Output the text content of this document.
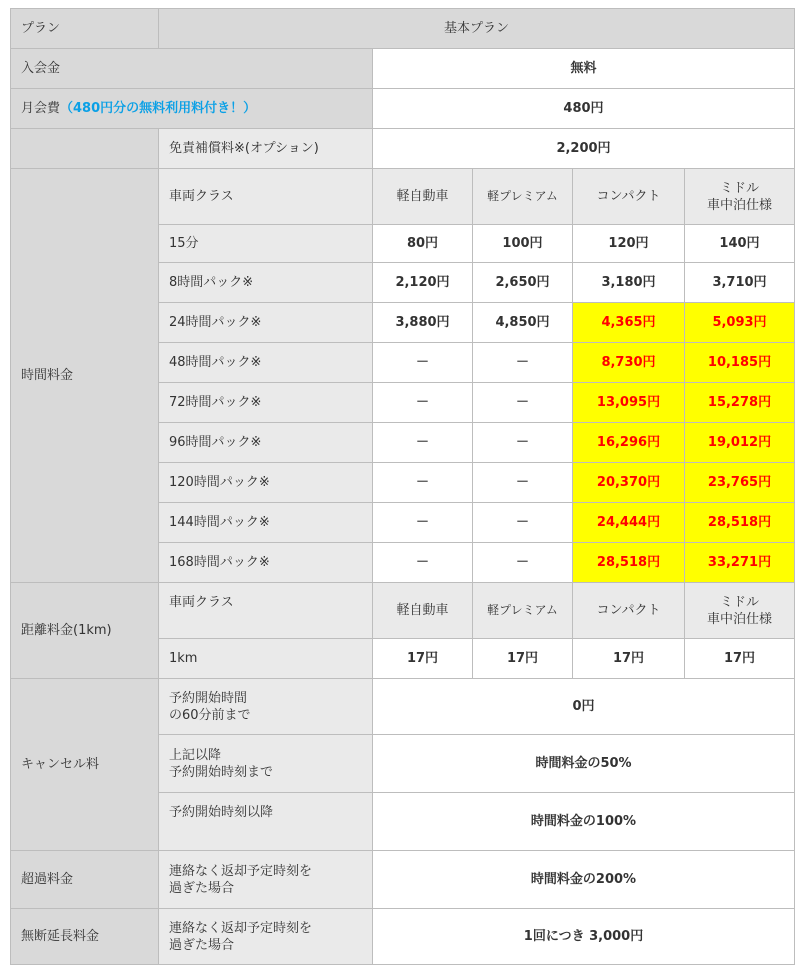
プラン	基本プラン				
入会金		無料			
月会費（480円分の無料利用料付き！）		480円			
	免責補償料※(オプション)	2,200円			
時間料金	車両クラス	軽自動車	軽プレミアム	コンパクト	ミドル
車中泊仕様
	15分	80円	100円	120円	140円
	8時間パック※	2,120円	2,650円	3,180円	3,710円
	24時間パック※	3,880円	4,850円	4,365円	5,093円
	48時間パック※	－	－	8,730円	10,185円
	72時間パック※	－	－	13,095円	15,278円
	96時間パック※	－	－	16,296円	19,012円
	120時間パック※	－	－	20,370円	23,765円
	144時間パック※	－	－	24,444円	28,518円
	168時間パック※	－	－	28,518円	33,271円
距離料金(1km)	車両クラス	軽自動車	軽プレミアム	コンパクト	ミドル
車中泊仕様
	1km	17円	17円	17円	17円
キャンセル料	予約開始時間
の60分前まで	0円			
	上記以降
予約開始時刻まで	時間料金の50%			
	予約開始時刻以降	時間料金の100%			
超過料金	連絡なく返却予定時刻を
過ぎた場合	時間料金の200%			
無断延長料金	連絡なく返却予定時刻を
過ぎた場合	1回につき 3,000円			
